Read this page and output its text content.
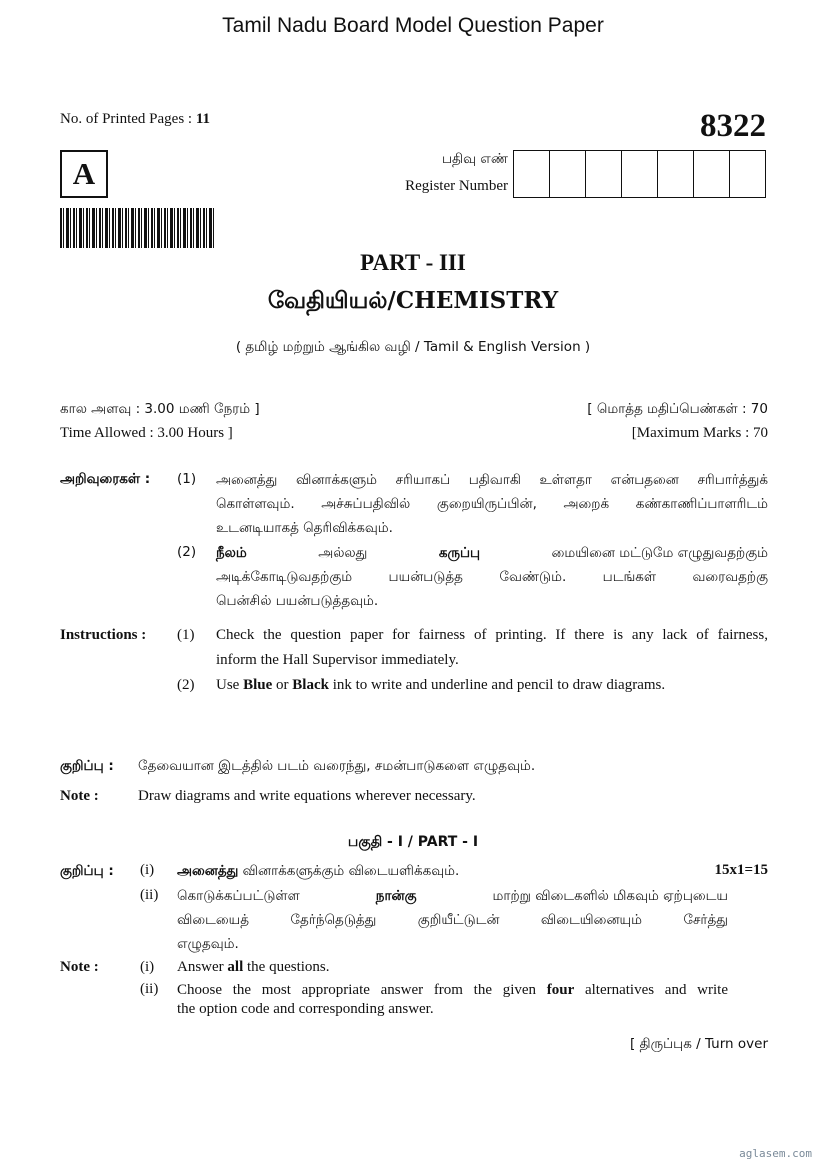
Tamil Nadu Board Model Question Paper
No. of Printed Pages : 11	8322
A	பதிவு எண்
Register Number
PART - III
வேதியியல்/CHEMISTRY
( தமிழ் மற்றும் ஆங்கில வழி / Tamil & English Version )
கால அளவு : 3.00 மணி நேரம் ]
Time Allowed : 3.00 Hours ]
[ மொத்த மதிப்பெண்கள் : 70
[Maximum Marks : 70
அறிவுரைகள் : (1) அனைத்து வினாக்களும் சரியாகப் பதிவாகி உள்ளதா என்பதனை சரிபார்த்துக்
கொள்ளவும். அச்சுப்பதிவில் குறையிருப்பின், அறைக் கண்காணிப்பாளரிடம்
உடனடியாகத் தெரிவிக்கவும்.
(2) நீலம்	அல்லது	கருப்பு	மையினை மட்டுமே எழுதுவதற்கும்
அடிக்கோடிடுவதற்கும் பயன்படுத்த வேண்டும். படங்கள் வரைவதற்கு
பென்சில் பயன்படுத்தவும்.
Instructions : (1) Check the question paper for fairness of printing. If there is any lack of fairness,
inform the Hall Supervisor immediately.
(2) Use Blue or Black ink to write and underline and pencil to draw diagrams.
குறிப்பு : தேவையான இடத்தில் படம் வரைந்து, சமன்பாடுகளை எழுதவும்.
Note :	Draw diagrams and write equations wherever necessary.
பகுதி - I / PART - I
குறிப்பு : (i) அனைத்து வினாக்களுக்கும் விடையளிக்கவும்.	15x1=15
(ii) கொடுக்கப்பட்டுள்ள	நான்கு	மாற்று விடைகளில் மிகவும் ஏற்புடைய
விடையைத் தேர்ந்தெடுத்து குறியீட்டுடன் விடையினையும் சேர்த்து
எழுதவும்.
Note :	(i) Answer all the questions.
(ii) Choose the most appropriate answer from the given four alternatives and write
the option code and corresponding answer.
[ திருப்புக / Turn over
aglasem.com
